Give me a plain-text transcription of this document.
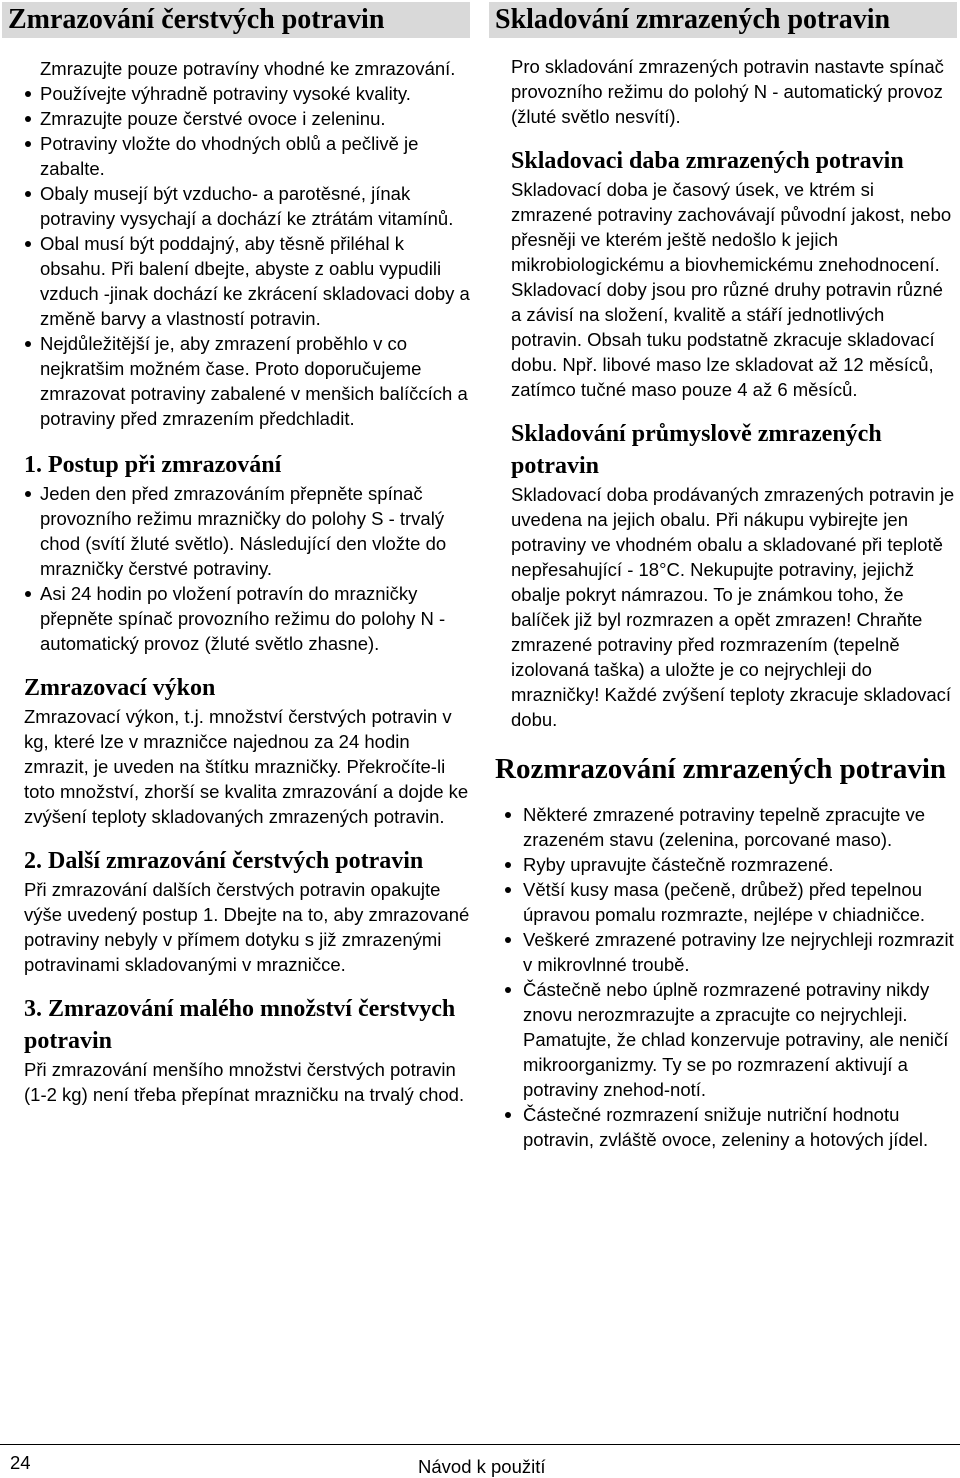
Zmrazování čerstvých potravin

Zmrazujte pouze potravíny vhodné ke zmrazování.

Používejte výhradně potraviny vysoké kvality.
Zmrazujte pouze čerstvé ovoce i zeleninu.
Potraviny vložte do vhodných oblů a pečlivě je zabalte.
Obaly musejí být vzducho- a parotěsné, jínak potraviny vysychají a dochází ke ztrátám vitamínů.
Obal musí být poddajný, aby těsně přiléhal k obsahu. Při balení dbejte, abyste z oablu vypudili vzduch -jinak dochází ke zkrácení skladovaci doby a změně barvy a vlastností potravin.
Nejdůležitější je, aby zmrazení proběhlo v co nejkratšim možném čase. Proto doporučujeme zmrazovat potraviny zabalené v menšich balíčcích a potraviny před zmrazením předchladit.
1. Postup při zmrazování
Jeden den před zmrazováním přepněte spínač provozního režimu mrazničky do polohy S - trvalý chod (svítí žluté světlo). Následující den vložte do mrazničky čerstvé potraviny.
Asi 24 hodin po vložení potravín do mrazničky přepněte spínač provozního režimu do polohy N - automatický provoz (žluté světlo zhasne).
Zmrazovací výkon

Zmrazovací výkon, t.j. množství čerstvých potravin v kg, které lze v mrazničce najednou za 24 hodin zmrazit, je uveden na štítku mrazničky. Překročíte-li toto množství, zhorší se kvalita zmrazování a dojde ke zvýšení teploty skladovaných zmrazených potravin.

2. Další zmrazování čerstvých potravin

Při zmrazování dalších čerstvých potravin opakujte výše uvedený postup 1. Dbejte na to, aby zmrazované potraviny nebyly v přímem dotyku s již zmrazenými potravinami skladovanými v mrazničce.

3. Zmrazování malého množství čerstvych potravin

Při zmrazování menšího množstvi čerstvých potravin (1-2 kg) není třeba přepínat mrazničku na trvalý chod.

Skladování zmrazených potravin

Pro skladování zmrazených potravin nastavte spínač provozního režimu do polohý N - automatický provoz (žluté světlo nesvítí).

Skladovaci daba zmrazených potravin

Skladovací doba je časový úsek, ve ktrém si zmrazené potraviny zachovávají původní jakost, nebo přesněji ve kterém ještě nedošlo k jejich mikrobiologickému a biovhemickému znehodnocení. Skladovací doby jsou pro různé druhy potravin různé a závisí na složení, kvalitě a stáří jednotlivých potravin. Obsah tuku podstatně zkracuje skladovací dobu. Npř. libové maso lze skladovat až 12 měsíců, zatímco tučné maso pouze 4 až 6 měsíců.

Skladování průmyslově zmrazených potravin

Skladovací doba prodávaných zmrazených potravin je uvedena na jejich obalu. Při nákupu vybirejte jen potraviny ve vhodném obalu a skladované při teplotě nepřesahující - 18°C. Nekupujte potraviny, jejichž obalje pokryt námrazou. To je známkou toho, že balíček již byl rozmrazen a opět zmrazen! Chraňte zmrazené potraviny před rozmrazením (tepelně izolovaná taška) a uložte je co nejrychleji do mrazničky! Každé zvýšení teploty zkracuje skladovací dobu.

Rozmrazování zmrazených potravin
Některé zmrazené potraviny tepelně zpracujte ve zrazeném stavu (zelenina, porcované maso).
Ryby upravujte částečně rozmrazené.
Větší kusy masa (pečeně, drůbež) před tepelnou úpravou pomalu rozmrazte, nejlépe v chiadničce.
Veškeré zmrazené potraviny lze nejrychleji rozmrazit v mikrovlnné troubě.
Částečně nebo úplně rozmrazené potraviny nikdy znovu nerozmrazujte a zpracujte co nejrychleji. Pamatujte, že chlad konzervuje potraviny, ale neničí mikroorganizmy. Ty se po rozmrazení aktivují a potraviny znehod-notí.
Částečné rozmrazení snižuje nutriční hodnotu potravin, zvláště ovoce, zeleniny a hotových jídel.
24	Návod k použití
